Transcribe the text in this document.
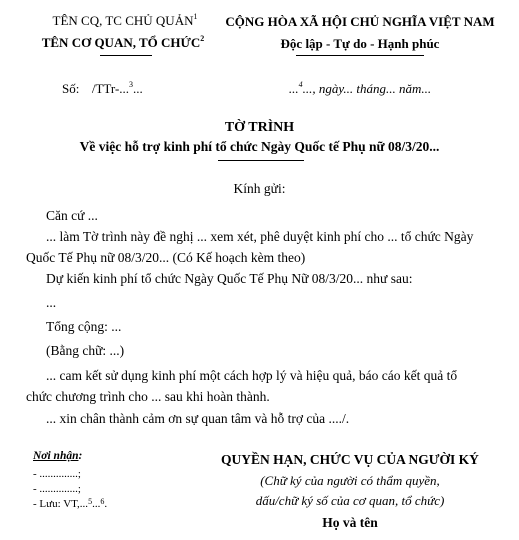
TÊN CQ, TC CHỦ QUẢN$^1$
TÊN CƠ QUAN, TỔ CHỨC$^2$
Số: /TTr-...$^3$...
CỘNG HÒA XÃ HỘI CHỦ NGHĨA VIỆT NAM
Độc lập - Tự do - Hạnh phúc
...$^4$..., ngày... tháng... năm...
TỜ TRÌNH
Về việc hỗ trợ kinh phí tổ chức Ngày Quốc tế Phụ nữ 08/3/20...
Kính gửi:
Căn cứ ...
... làm Tờ trình này đề nghị ... xem xét, phê duyệt kinh phí cho ... tổ chức Ngày
Quốc Tế Phụ nữ 08/3/20... (Có Kế hoạch kèm theo)
Dự kiến kinh phí tổ chức Ngày Quốc Tế Phụ Nữ 08/3/20... như sau:
...
Tổng cộng: ...
(Bằng chữ: ...)
... cam kết sử dụng kinh phí một cách hợp lý và hiệu quả, báo cáo kết quả tổ
chức chương trình cho ... sau khi hoàn thành.
... xin chân thành cảm ơn sự quan tâm và hỗ trợ của ..../.
Nơi nhận:
- ..............;
- ..............;
- Lưu: VT,...$^5$...$^6$.
QUYỀN HẠN, CHỨC VỤ CỦA NGƯỜI KÝ
(Chữ ký của người có thẩm quyền,
dấu/chữ ký số của cơ quan, tổ chức)
Họ và tên
